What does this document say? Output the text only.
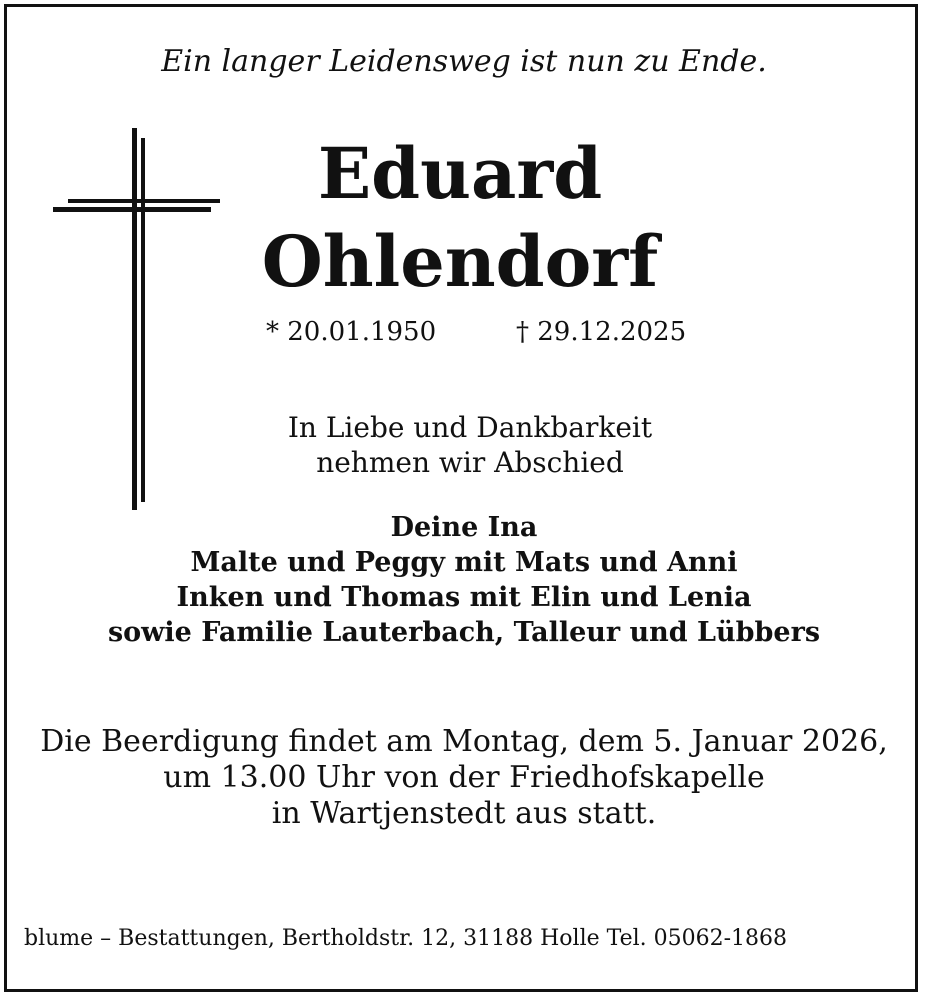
Ein langer Leidensweg ist nun zu Ende.
Eduard
Ohlendorf
* 20.01.1950	† 29.12.2025
In Liebe und Dankbarkeit
nehmen wir Abschied
Deine Ina
Malte und Peggy mit Mats und Anni
Inken und Thomas mit Elin und Lenia
sowie Familie Lauterbach, Talleur und Lübbers
Die Beerdigung findet am Montag, dem 5. Januar 2026,
um 13.00 Uhr von der Friedhofskapelle
in Wartjenstedt aus statt.
blume – Bestattungen, Bertholdstr. 12, 31188 Holle Tel. 05062-1868
